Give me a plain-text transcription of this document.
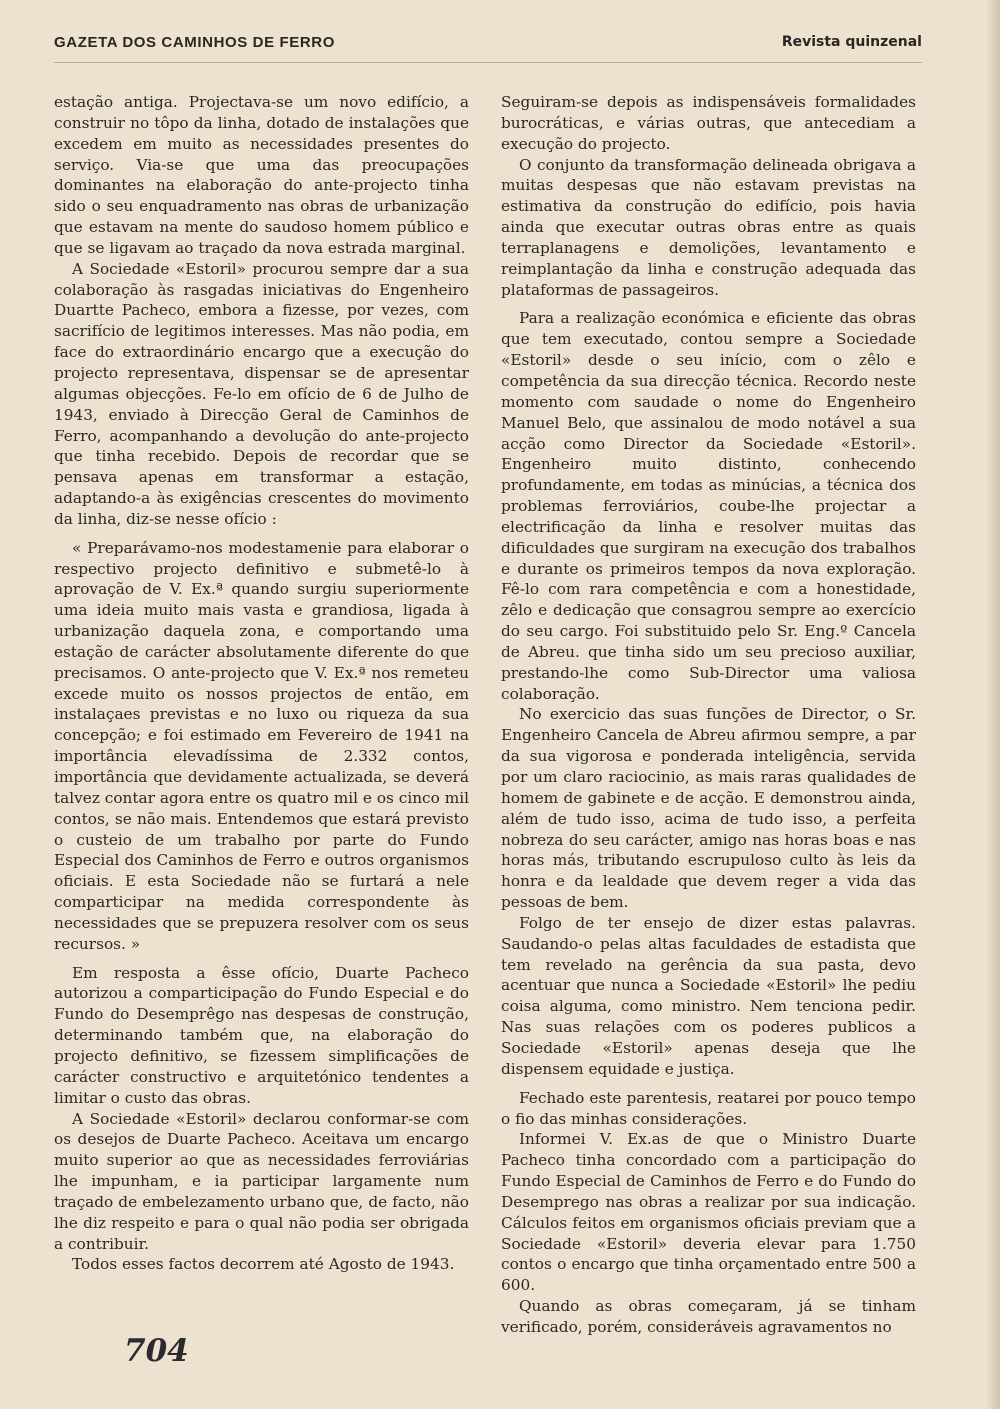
GAZETA DOS CAMINHOS DE FERRO	Revista quinzenal

estação antiga. Projectava-se um novo edifício, a construir no tôpo da linha, dotado de instalações que excedem em muito as necessidades presentes do serviço. Via-se que uma das preocupações dominantes na elaboração do ante-projecto tinha sido o seu enquadramento nas obras de urbanização que estavam na mente do saudoso homem público e que se ligavam ao traçado da nova estrada marginal.

A Sociedade «Estoril» procurou sempre dar a sua colaboração às rasgadas iniciativas do Engenheiro Duartte Pacheco, embora a fizesse, por vezes, com sacrifício de legitimos interesses. Mas não podia, em face do extraordinário encargo que a execução do projecto representava, dispensar se de apresentar algumas objecções. Fe-lo em ofício de 6 de Julho de 1943, enviado à Direcção Geral de Caminhos de Ferro, acompanhando a devolução do ante-projecto que tinha recebido. Depois de recordar que se pensava apenas em transformar a estação, adaptando-a às exigências crescentes do movimento da linha, diz-se nesse ofício :

« Preparávamo-nos modestamenie para elaborar o respectivo projecto definitivo e submetê-lo à aprovação de V. Ex.ª quando surgiu superiormente uma ideia muito mais vasta e grandiosa, ligada à urbanização daquela zona, e comportando uma estação de carácter absolutamente diferente do que precisamos. O ante-projecto que V. Ex.ª nos remeteu excede muito os nossos projectos de então, em instalaçaes previstas e no luxo ou riqueza da sua concepção; e foi estimado em Fevereiro de 1941 na importância elevadíssima de 2.332 contos, importância que devidamente actualizada, se deverá talvez contar agora entre os quatro mil e os cinco mil contos, se não mais. Entendemos que estará previsto o custeio de um trabalho por parte do Fundo Especial dos Caminhos de Ferro e outros organismos oficiais. E esta Sociedade não se furtará a nele comparticipar na medida correspondente às necessidades que se prepuzera resolver com os seus recursos. »

Em resposta a êsse ofício, Duarte Pacheco autorizou a comparticipação do Fundo Especial e do Fundo do Desemprêgo nas despesas de construção, determinando também que, na elaboração do projecto definitivo, se fizessem simplificações de carácter constructivo e arquitetónico tendentes a limitar o custo das obras.

A Sociedade «Estoril» declarou conformar-se com os desejos de Duarte Pacheco. Aceitava um encargo muito superior ao que as necessidades ferroviárias lhe impunham, e ia participar largamente num traçado de embelezamento urbano que, de facto, não lhe diz respeito e para o qual não podia ser obrigada a contribuir.

Todos esses factos decorrem até Agosto de 1943.

Seguiram-se depois as indispensáveis formalidades burocráticas, e várias outras, que antecediam a execução do projecto.

O conjunto da transformação delineada obrigava a muitas despesas que não estavam previstas na estimativa da construção do edifício, pois havia ainda que executar outras obras entre as quais terraplanagens e demolições, levantamento e reimplantação da linha e construção adequada das plataformas de passageiros.

Para a realização económica e eficiente das obras que tem executado, contou sempre a Sociedade «Estoril» desde o seu início, com o zêlo e competência da sua direcção técnica. Recordo neste momento com saudade o nome do Engenheiro Manuel Belo, que assinalou de modo notável a sua acção como Director da Sociedade «Estoril». Engenheiro muito distinto, conhecendo profundamente, em todas as minúcias, a técnica dos problemas ferroviários, coube-lhe projectar a electrificação da linha e resolver muitas das dificuldades que surgiram na execução dos trabalhos e durante os primeiros tempos da nova exploração. Fê-lo com rara competência e com a honestidade, zêlo e dedicação que consagrou sempre ao exercício do seu cargo. Foi substituido pelo Sr. Eng.º Cancela de Abreu. que tinha sido um seu precioso auxiliar, prestando-lhe como Sub-Director uma valiosa colaboração.

No exercicio das suas funções de Director, o Sr. Engenheiro Cancela de Abreu afirmou sempre, a par da sua vigorosa e ponderada inteligência, servida por um claro raciocinio, as mais raras qualidades de homem de gabinete e de acção. E demonstrou ainda, além de tudo isso, acima de tudo isso, a perfeita nobreza do seu carácter, amigo nas horas boas e nas horas más, tributando escrupuloso culto às leis da honra e da lealdade que devem reger a vida das pessoas de bem.

Folgo de ter ensejo de dizer estas palavras. Saudando-o pelas altas faculdades de estadista que tem revelado na gerência da sua pasta, devo acentuar que nunca a Sociedade «Estoril» lhe pediu coisa alguma, como ministro. Nem tenciona pedir. Nas suas relações com os poderes publicos a Sociedade «Estoril» apenas deseja que lhe dispensem equidade e justiça.

Fechado este parentesis, reatarei por pouco tempo o fio das minhas considerações.

Informei V. Ex.as de que o Ministro Duarte Pacheco tinha concordado com a participação do Fundo Especial de Caminhos de Ferro e do Fundo do Desemprego nas obras a realizar por sua indicação. Cálculos feitos em organismos oficiais previam que a Sociedade «Estoril» deveria elevar para 1.750 contos o encargo que tinha orçamentado entre 500 a 600.

Quando as obras começaram, já se tinham verificado, porém, consideráveis agravamentos no

704
